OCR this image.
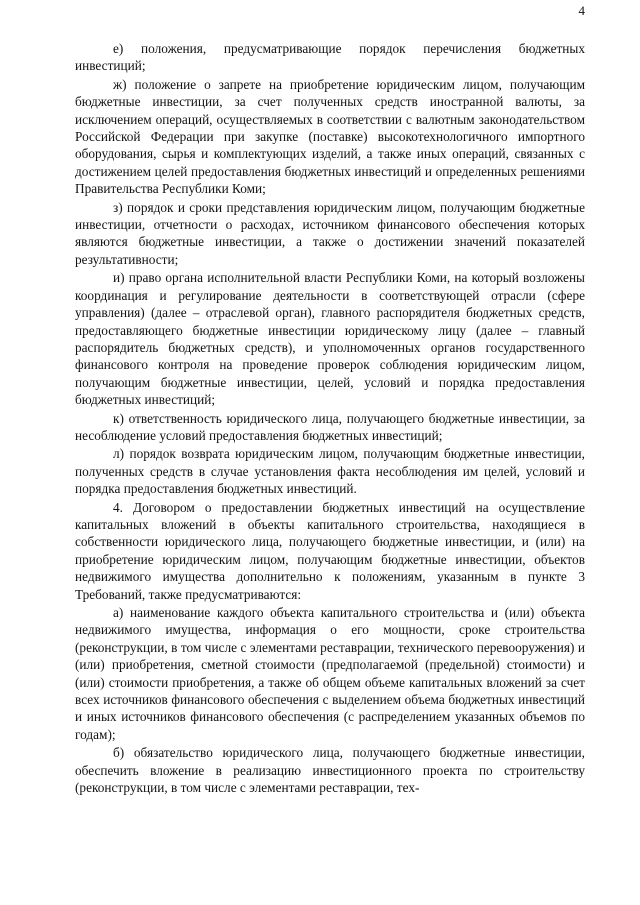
4

е) положения, предусматривающие порядок перечисления бюджетных инвестиций;

ж) положение о запрете на приобретение юридическим лицом, получающим бюджетные инвестиции, за счет полученных средств иностранной валюты, за исключением операций, осуществляемых в соответствии с валютным законодательством Российской Федерации при закупке (поставке) высокотехнологичного импортного оборудования, сырья и комплектующих изделий, а также иных операций, связанных с достижением целей предоставления бюджетных инвестиций и определенных решениями Правительства Республики Коми;

з) порядок и сроки представления юридическим лицом, получающим бюджетные инвестиции, отчетности о расходах, источником финансового обеспечения которых являются бюджетные инвестиции, а также о достижении значений показателей результативности;

и) право органа исполнительной власти Республики Коми, на который возложены координация и регулирование деятельности в соответствующей отрасли (сфере управления) (далее – отраслевой орган), главного распорядителя бюджетных средств, предоставляющего бюджетные инвестиции юридическому лицу (далее – главный распорядитель бюджетных средств), и уполномоченных органов государственного финансового контроля на проведение проверок соблюдения юридическим лицом, получающим бюджетные инвестиции, целей, условий и порядка предоставления бюджетных инвестиций;

к) ответственность юридического лица, получающего бюджетные инвестиции, за несоблюдение условий предоставления бюджетных инвестиций;

л) порядок возврата юридическим лицом, получающим бюджетные инвестиции, полученных средств в случае установления факта несоблюдения им целей, условий и порядка предоставления бюджетных инвестиций.

4. Договором о предоставлении бюджетных инвестиций на осуществление капитальных вложений в объекты капитального строительства, находящиеся в собственности юридического лица, получающего бюджетные инвестиции, и (или) на приобретение юридическим лицом, получающим бюджетные инвестиции, объектов недвижимого имущества дополнительно к положениям, указанным в пункте 3 Требований, также предусматриваются:

а) наименование каждого объекта капитального строительства и (или) объекта недвижимого имущества, информация о его мощности, сроке строительства (реконструкции, в том числе с элементами реставрации, технического перевооружения) и (или) приобретения, сметной стоимости (предполагаемой (предельной) стоимости) и (или) стоимости приобретения, а также об общем объеме капитальных вложений за счет всех источников финансового обеспечения с выделением объема бюджетных инвестиций и иных источников финансового обеспечения (с распределением указанных объемов по годам);

б) обязательство юридического лица, получающего бюджетные инвестиции, обеспечить вложение в реализацию инвестиционного проекта по строительству (реконструкции, в том числе с элементами реставрации, тех-
